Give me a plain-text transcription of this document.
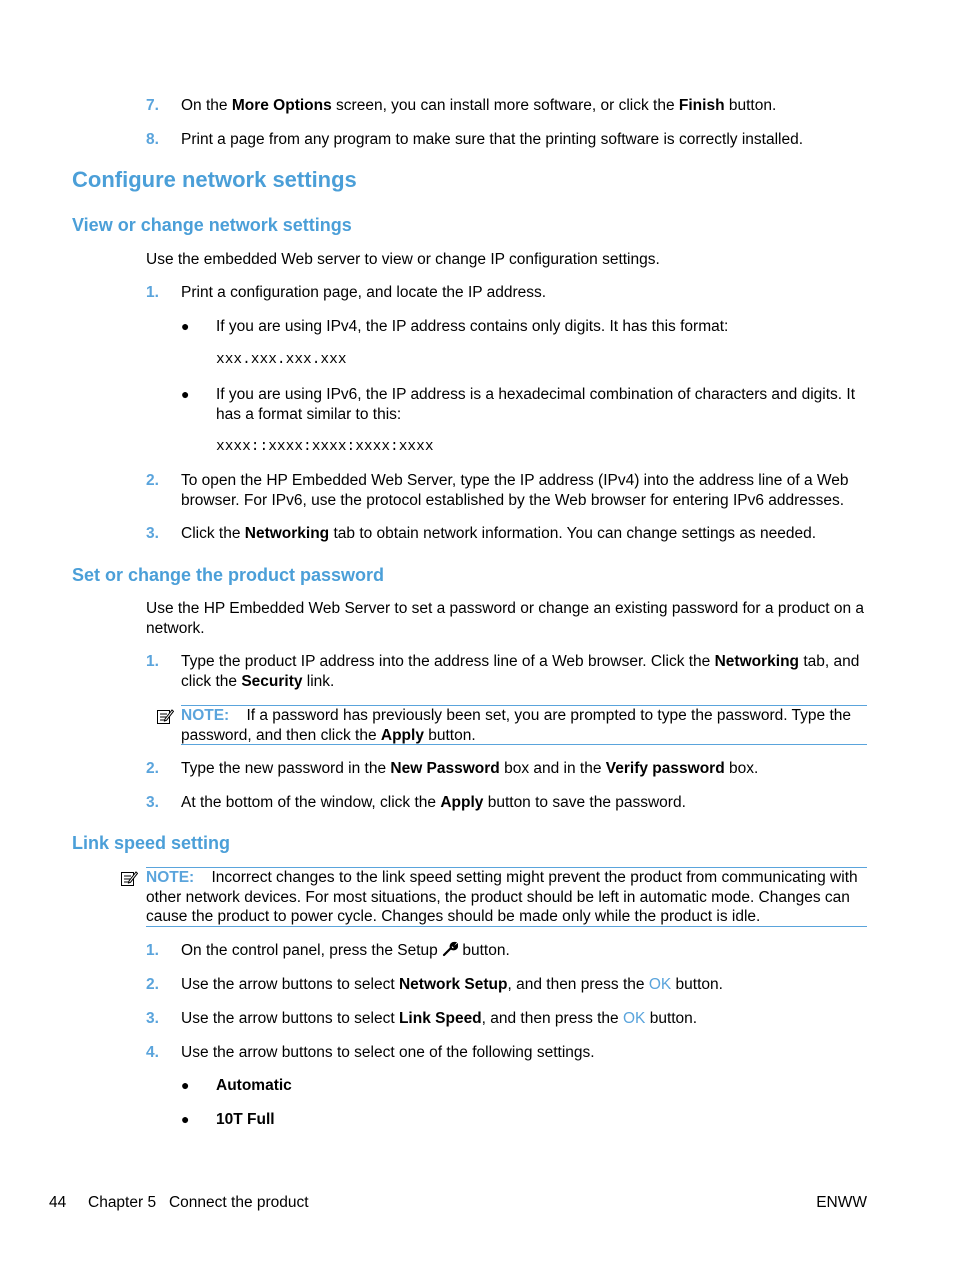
7. On the More Options screen, you can install more software, or click the Finish button.
8. Print a page from any program to make sure that the printing software is correctly installed.
Configure network settings
View or change network settings
Use the embedded Web server to view or change IP configuration settings.
1. Print a configuration page, and locate the IP address.
● If you are using IPv4, the IP address contains only digits. It has this format:
xxx.xxx.xxx.xxx
● If you are using IPv6, the IP address is a hexadecimal combination of characters and digits. It has a format similar to this:
xxxx::xxxx:xxxx:xxxx:xxxx
2. To open the HP Embedded Web Server, type the IP address (IPv4) into the address line of a Web browser. For IPv6, use the protocol established by the Web browser for entering IPv6 addresses.
3. Click the Networking tab to obtain network information. You can change settings as needed.
Set or change the product password
Use the HP Embedded Web Server to set a password or change an existing password for a product on a network.
1. Type the product IP address into the address line of a Web browser. Click the Networking tab, and click the Security link.
NOTE: If a password has previously been set, you are prompted to type the password. Type the password, and then click the Apply button.
2. Type the new password in the New Password box and in the Verify password box.
3. At the bottom of the window, click the Apply button to save the password.
Link speed setting
NOTE: Incorrect changes to the link speed setting might prevent the product from communicating with other network devices. For most situations, the product should be left in automatic mode. Changes can cause the product to power cycle. Changes should be made only while the product is idle.
1. On the control panel, press the Setup  button.
2. Use the arrow buttons to select Network Setup, and then press the OK button.
3. Use the arrow buttons to select Link Speed, and then press the OK button.
4. Use the arrow buttons to select one of the following settings.
● Automatic
● 10T Full
44 Chapter 5   Connect the product	ENWW
